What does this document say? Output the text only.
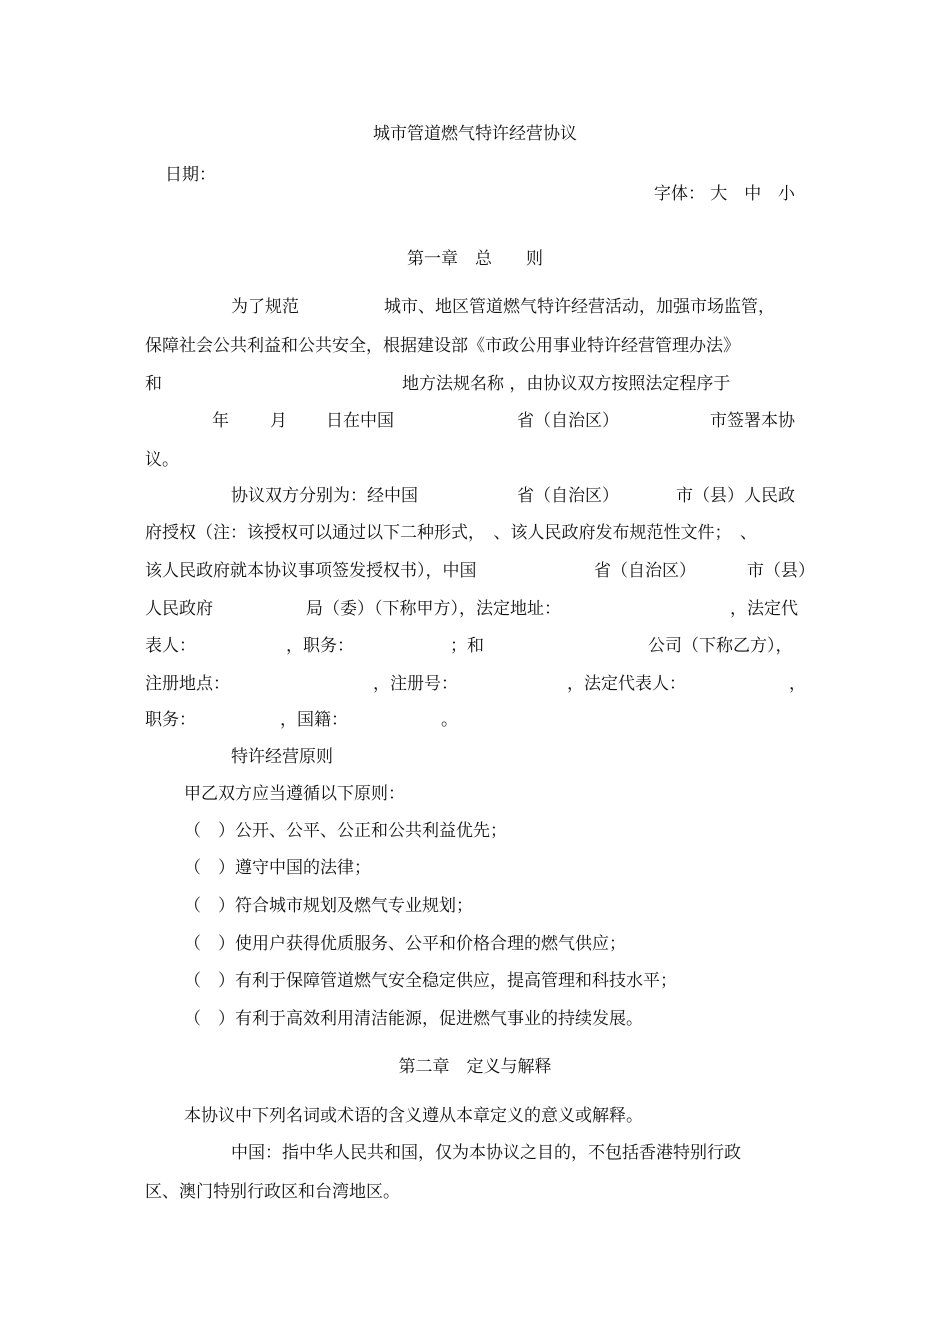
城市管道燃气特许经营协议
日期：
字体： 大 中 小
第一章　总　　则
为了规范	城市、地区管道燃气特许经营活动，加强市场监管，
保障社会公共利益和公共安全，根据建设部《市政公用事业特许经营管理办法》
和	地方法规名称 ，由协议双方按照法定程序于
年 月 日在中国	省（自治区）	市签署本协
议。
协议双方分别为：经中国	省（自治区）	市（县）人民政
府授权（注：该授权可以通过以下二种形式，　、该人民政府发布规范性文件；　、
该人民政府就本协议事项签发授权书），中国	省（自治区）	市（县）
人民政府	局（委）（下称甲方），法定地址：	，法定代
表人：	，职务：	；和	公司（下称乙方），
注册地点：	，注册号：	，法定代表人：	，
职务：	，国籍：	。
特许经营原则
甲乙双方应当遵循以下原则：
（　）公开、公平、公正和公共利益优先；
（　）遵守中国的法律；
（　）符合城市规划及燃气专业规划；
（　）使用户获得优质服务、公平和价格合理的燃气供应；
（　）有利于保障管道燃气安全稳定供应，提高管理和科技水平；
（　）有利于高效利用清洁能源，促进燃气事业的持续发展。
第二章　定义与解释
本协议中下列名词或术语的含义遵从本章定义的意义或解释。
中国：指中华人民共和国，仅为本协议之目的，不包括香港特别行政
区、澳门特别行政区和台湾地区。
